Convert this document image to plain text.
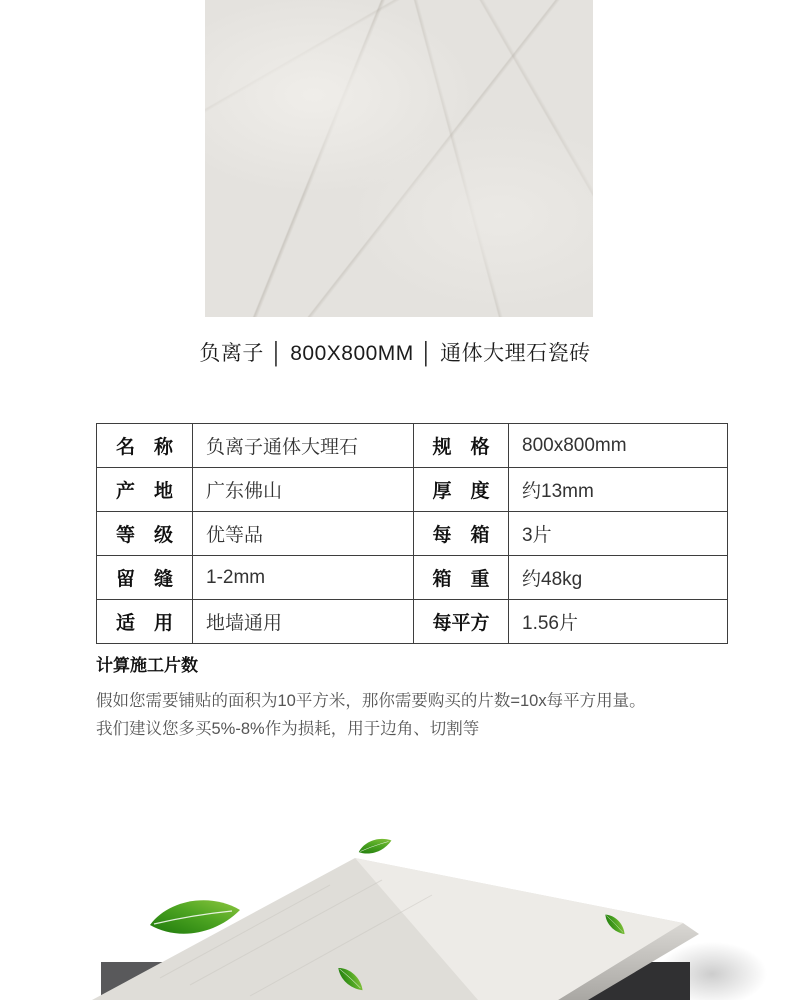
负离子 │ 800X800MM │ 通体大理石瓷砖
名　称	负离子通体大理石	规　格	800x800mm
产　地	广东佛山	厚　度	约13mm
等　级	优等品	每　箱	3片
留　缝	1-2mm	箱　重	约48kg
适　用	地墙通用	每平方	1.56片
计算施工片数
假如您需要铺贴的面积为10平方米，那你需要购买的片数=10x每平方用量。
我们建议您多买5%-8%作为损耗，用于边角、切割等
